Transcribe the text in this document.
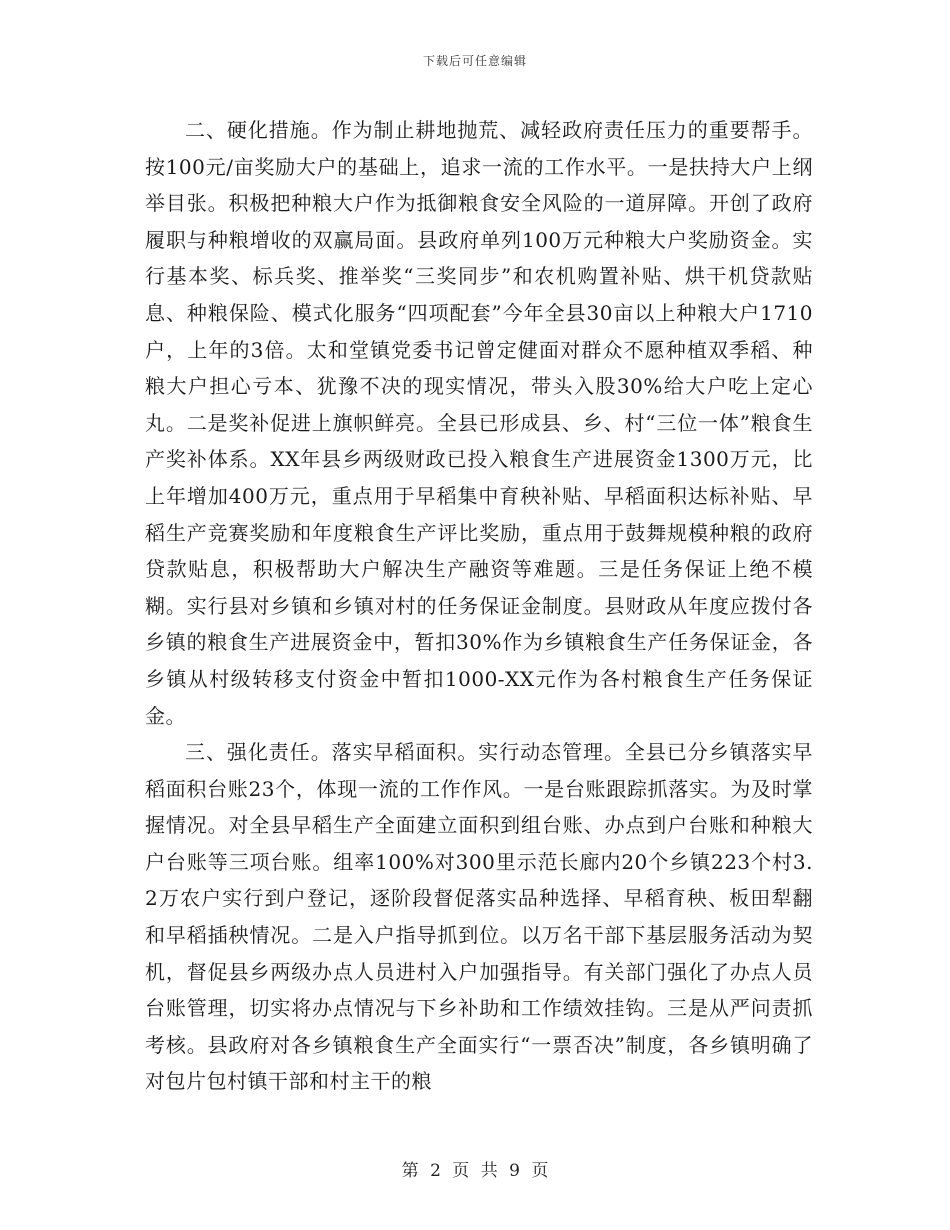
下载后可任意编辑

二、硬化措施。作为制止耕地抛荒、减轻政府责任压力的重要帮手。按100元/亩奖励大户的基础上，追求一流的工作水平。一是扶持大户上纲举目张。积极把种粮大户作为抵御粮食安全风险的一道屏障。开创了政府履职与种粮增收的双赢局面。县政府单列100万元种粮大户奖励资金。实行基本奖、标兵奖、推举奖“三奖同步”和农机购置补贴、烘干机贷款贴息、种粮保险、模式化服务“四项配套”今年全县30亩以上种粮大户1710户，上年的3倍。太和堂镇党委书记曾定健面对群众不愿种植双季稻、种粮大户担心亏本、犹豫不决的现实情况，带头入股30%给大户吃上定心丸。二是奖补促进上旗帜鲜亮。全县已形成县、乡、村“三位一体”粮食生产奖补体系。XX年县乡两级财政已投入粮食生产进展资金1300万元，比上年增加400万元，重点用于早稻集中育秧补贴、早稻面积达标补贴、早稻生产竞赛奖励和年度粮食生产评比奖励，重点用于鼓舞规模种粮的政府贷款贴息，积极帮助大户解决生产融资等难题。三是任务保证上绝不模糊。实行县对乡镇和乡镇对村的任务保证金制度。县财政从年度应拨付各乡镇的粮食生产进展资金中，暂扣30%作为乡镇粮食生产任务保证金，各乡镇从村级转移支付资金中暂扣1000-XX元作为各村粮食生产任务保证金。

三、强化责任。落实早稻面积。实行动态管理。全县已分乡镇落实早稻面积台账23个，体现一流的工作作风。一是台账跟踪抓落实。为及时掌握情况。对全县早稻生产全面建立面积到组台账、办点到户台账和种粮大户台账等三项台账。组率100%对300里示范长廊内20个乡镇223个村3.2万农户实行到户登记，逐阶段督促落实品种选择、早稻育秧、板田犁翻和早稻插秧情况。二是入户指导抓到位。以万名干部下基层服务活动为契机，督促县乡两级办点人员进村入户加强指导。有关部门强化了办点人员台账管理，切实将办点情况与下乡补助和工作绩效挂钩。三是从严问责抓考核。县政府对各乡镇粮食生产全面实行“一票否决”制度，各乡镇明确了对包片包村镇干部和村主干的粮

第 2 页 共 9 页
